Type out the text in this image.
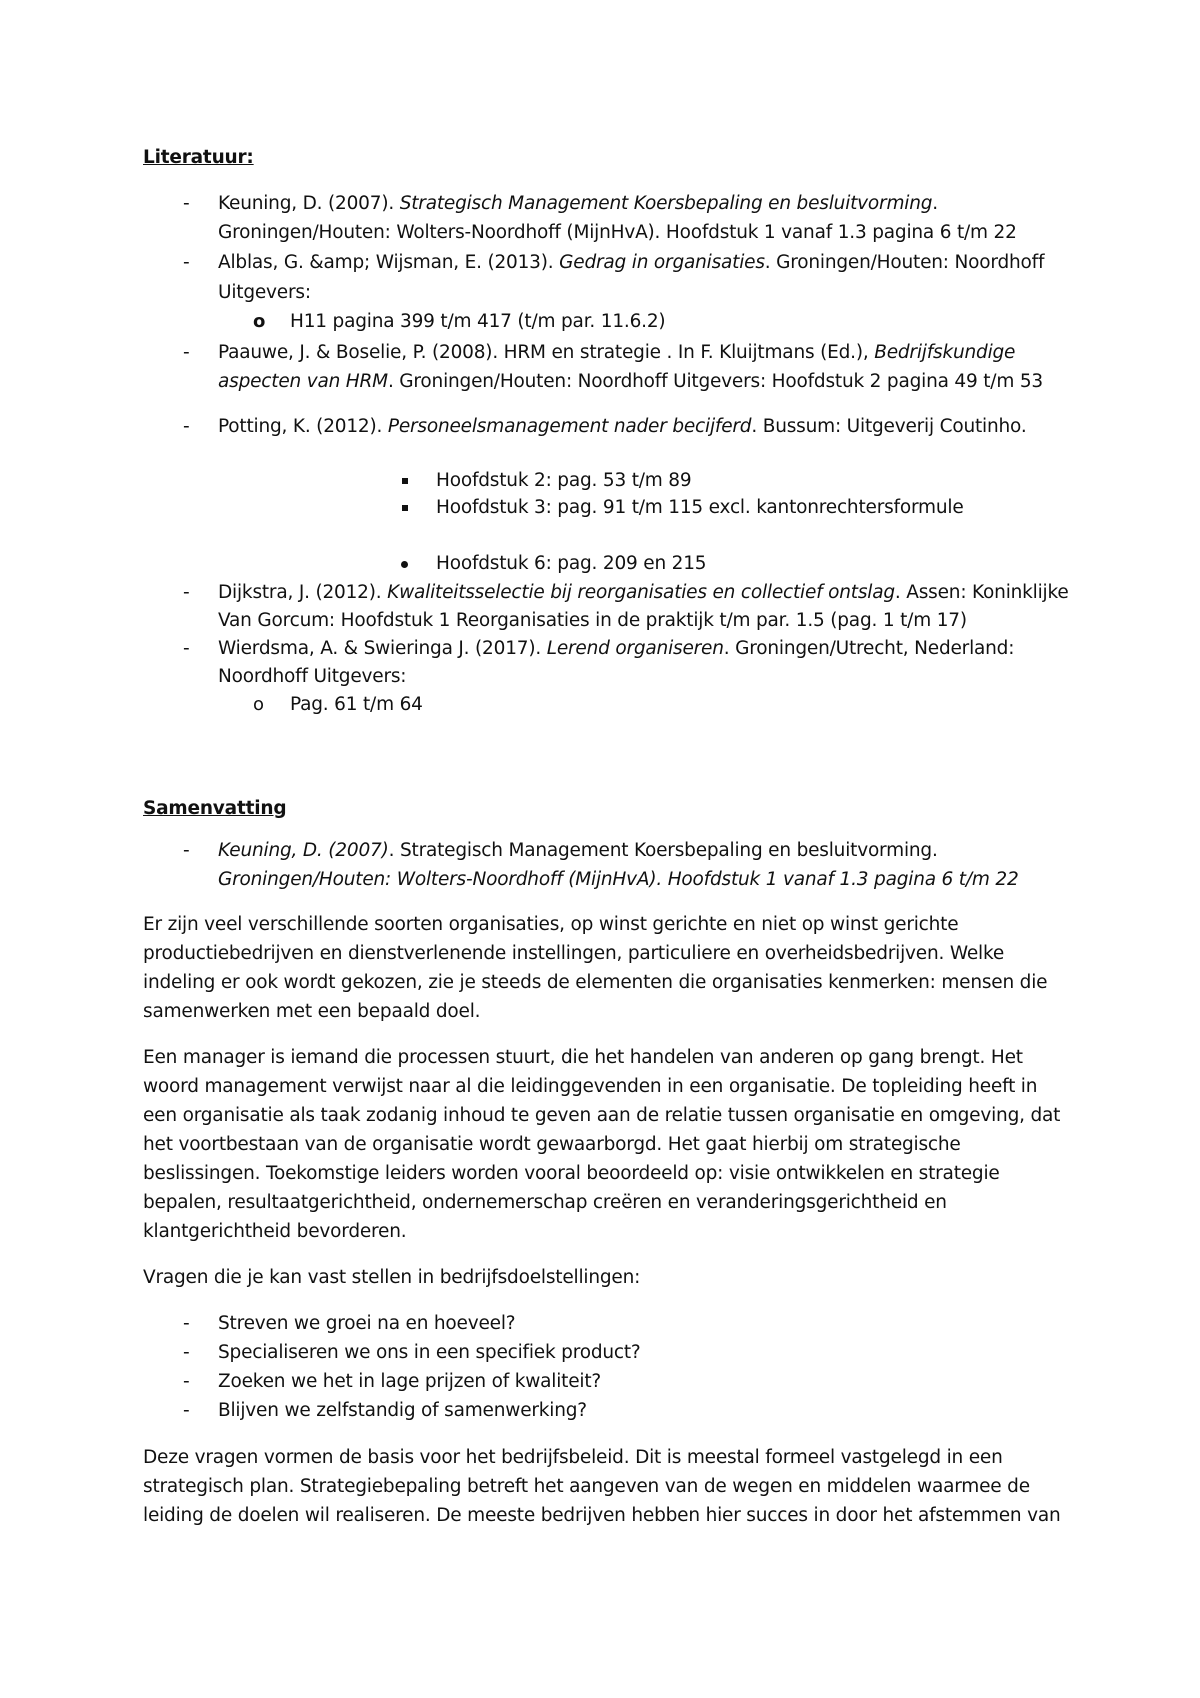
Literatuur:
- Keuning, D. (2007). Strategisch Management Koersbepaling en besluitvorming.
Groningen/Houten: Wolters-Noordhoff (MijnHvA). Hoofdstuk 1 vanaf 1.3 pagina 6 t/m 22
- Alblas, G. &amp; Wijsman, E. (2013). Gedrag in organisaties. Groningen/Houten: Noordhoff
Uitgevers:
o H11 pagina 399 t/m 417 (t/m par. 11.6.2)
- Paauwe, J. & Boselie, P. (2008). HRM en strategie . In F. Kluijtmans (Ed.), Bedrijfskundige
aspecten van HRM. Groningen/Houten: Noordhoff Uitgevers: Hoofdstuk 2 pagina 49 t/m 53
- Potting, K. (2012). Personeelsmanagement nader becijferd. Bussum: Uitgeverij Coutinho.
Hoofdstuk 2: pag. 53 t/m 89
Hoofdstuk 3: pag. 91 t/m 115 excl. kantonrechtersformule
Hoofdstuk 6: pag. 209 en 215
- Dijkstra, J. (2012). Kwaliteitsselectie bij reorganisaties en collectief ontslag. Assen: Koninklijke
Van Gorcum: Hoofdstuk 1 Reorganisaties in de praktijk t/m par. 1.5 (pag. 1 t/m 17)
- Wierdsma, A. & Swieringa J. (2017). Lerend organiseren. Groningen/Utrecht, Nederland:
Noordhoff Uitgevers:
o Pag. 61 t/m 64
Samenvatting
- Keuning, D. (2007). Strategisch Management Koersbepaling en besluitvorming.
Groningen/Houten: Wolters-Noordhoff (MijnHvA). Hoofdstuk 1 vanaf 1.3 pagina 6 t/m 22
Er zijn veel verschillende soorten organisaties, op winst gerichte en niet op winst gerichte
productiebedrijven en dienstverlenende instellingen, particuliere en overheidsbedrijven. Welke
indeling er ook wordt gekozen, zie je steeds de elementen die organisaties kenmerken: mensen die
samenwerken met een bepaald doel.
Een manager is iemand die processen stuurt, die het handelen van anderen op gang brengt. Het
woord management verwijst naar al die leidinggevenden in een organisatie. De topleiding heeft in
een organisatie als taak zodanig inhoud te geven aan de relatie tussen organisatie en omgeving, dat
het voortbestaan van de organisatie wordt gewaarborgd. Het gaat hierbij om strategische
beslissingen. Toekomstige leiders worden vooral beoordeeld op: visie ontwikkelen en strategie
bepalen, resultaatgerichtheid, ondernemerschap creëren en veranderingsgerichtheid en
klantgerichtheid bevorderen.
Vragen die je kan vast stellen in bedrijfsdoelstellingen:
- Streven we groei na en hoeveel?
- Specialiseren we ons in een specifiek product?
- Zoeken we het in lage prijzen of kwaliteit?
- Blijven we zelfstandig of samenwerking?
Deze vragen vormen de basis voor het bedrijfsbeleid. Dit is meestal formeel vastgelegd in een
strategisch plan. Strategiebepaling betreft het aangeven van de wegen en middelen waarmee de
leiding de doelen wil realiseren. De meeste bedrijven hebben hier succes in door het afstemmen van
